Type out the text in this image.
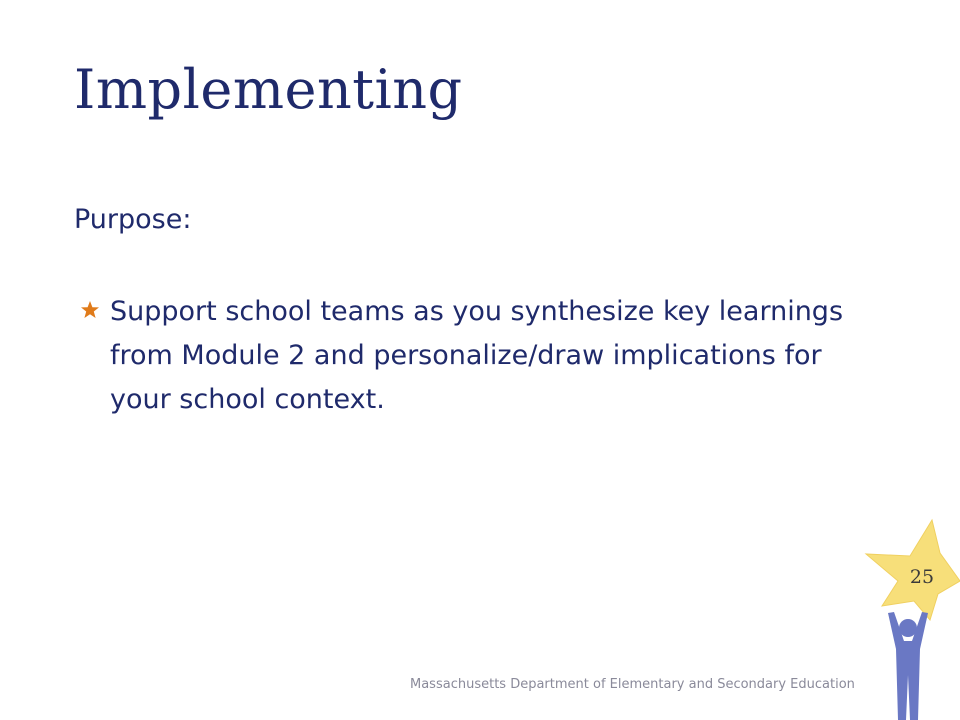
Implementing
Purpose:
Support school teams as you synthesize key learnings from Module 2 and personalize/draw implications for your school context.
25
Massachusetts Department of Elementary and Secondary Education
